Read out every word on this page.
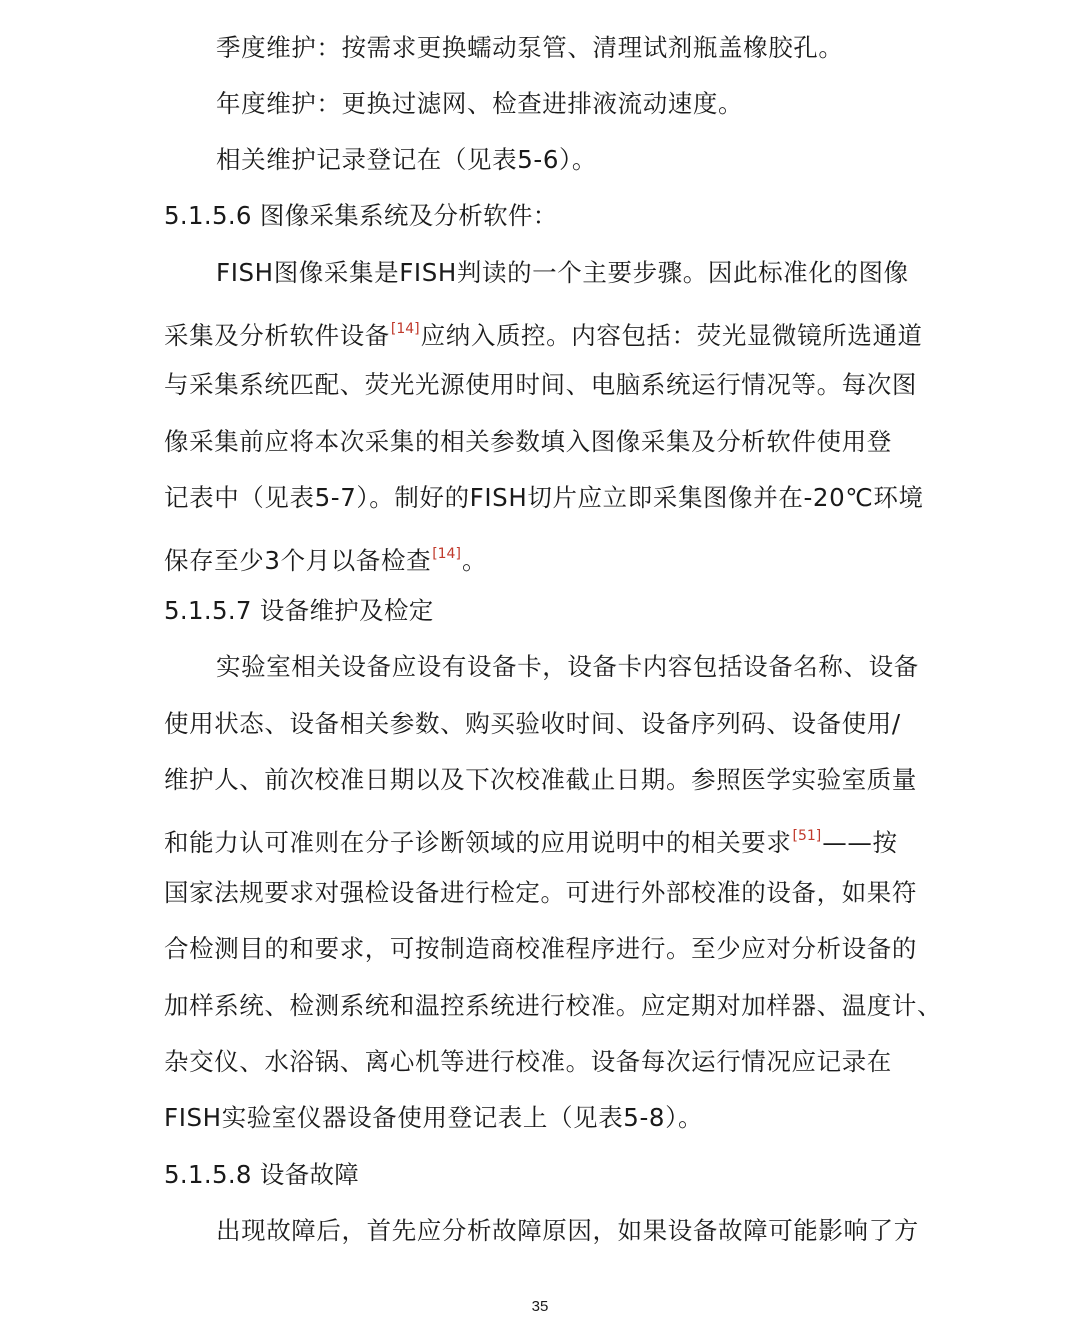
季度维护：按需求更换蠕动泵管、清理试剂瓶盖橡胶孔。
年度维护：更换过滤网、检查进排液流动速度。
相关维护记录登记在（见表5-6）。
5.1.5.6 图像采集系统及分析软件：
FISH图像采集是FISH判读的一个主要步骤。因此标准化的图像
采集及分析软件设备[14]应纳入质控。内容包括：荧光显微镜所选通道
与采集系统匹配、荧光光源使用时间、电脑系统运行情况等。每次图
像采集前应将本次采集的相关参数填入图像采集及分析软件使用登
记表中（见表5-7）。制好的FISH切片应立即采集图像并在-20℃环境
保存至少3个月以备检查[14]。
5.1.5.7 设备维护及检定
实验室相关设备应设有设备卡，设备卡内容包括设备名称、设备
使用状态、设备相关参数、购买验收时间、设备序列码、设备使用/
维护人、前次校准日期以及下次校准截止日期。参照医学实验室质量
和能力认可准则在分子诊断领域的应用说明中的相关要求[51]——按
国家法规要求对强检设备进行检定。可进行外部校准的设备，如果符
合检测目的和要求，可按制造商校准程序进行。至少应对分析设备的
加样系统、检测系统和温控系统进行校准。应定期对加样器、温度计、
杂交仪、水浴锅、离心机等进行校准。设备每次运行情况应记录在
FISH实验室仪器设备使用登记表上（见表5-8）。
5.1.5.8 设备故障
出现故障后，首先应分析故障原因，如果设备故障可能影响了方
35
